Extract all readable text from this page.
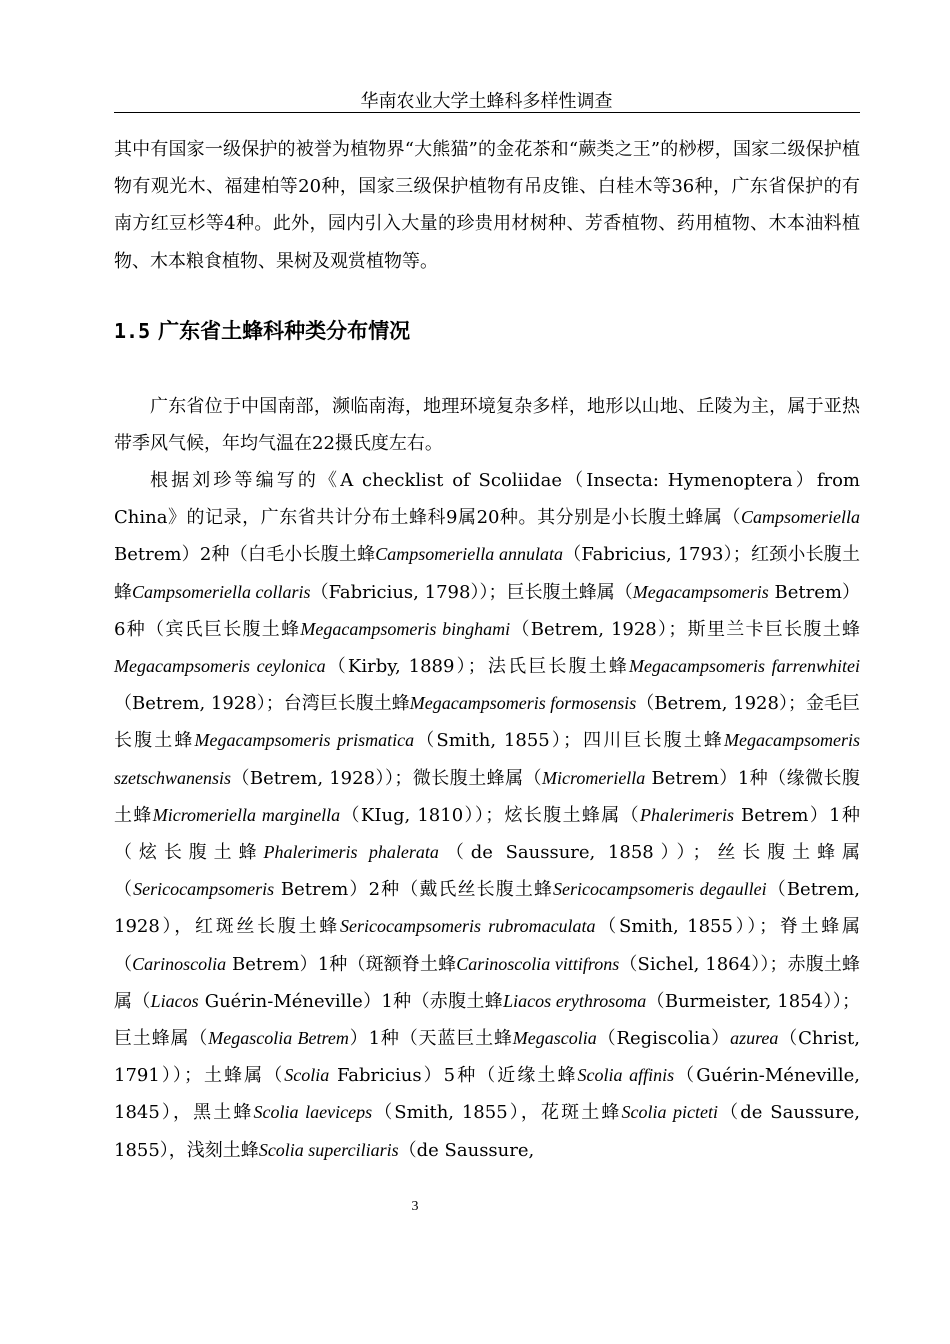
华南农业大学土蜂科多样性调查

其中有国家一级保护的被誉为植物界“大熊猫”的金花茶和“蕨类之王”的桫椤，国家二级保护植物有观光木、福建柏等20种，国家三级保护植物有吊皮锥、白桂木等36种，广东省保护的有南方红豆杉等4种。此外，园内引入大量的珍贵用材树种、芳香植物、药用植物、木本油料植物、木本粮食植物、果树及观赏植物等。

1.5 广东省土蜂科种类分布情况

广东省位于中国南部，濒临南海，地理环境复杂多样，地形以山地、丘陵为主，属于亚热带季风气候，年均气温在22摄氏度左右。

根据刘珍等编写的《A checklist of Scoliidae（Insecta: Hymenoptera）from China》的记录，广东省共计分布土蜂科9属20种。其分别是小长腹土蜂属（Campsomeriella Betrem）2种（白毛小长腹土蜂Campsomeriella annulata（Fabricius, 1793）；红颈小长腹土蜂Campsomeriella collaris（Fabricius, 1798））；巨长腹土蜂属（Megacampsomeris Betrem）6种（宾氏巨长腹土蜂Megacampsomeris binghami（Betrem, 1928）；斯里兰卡巨长腹土蜂Megacampsomeris ceylonica（Kirby, 1889）；法氏巨长腹土蜂Megacampsomeris farrenwhitei（Betrem, 1928）；台湾巨长腹土蜂Megacampsomeris formosensis（Betrem, 1928）；金毛巨长腹土蜂Megacampsomeris prismatica（Smith, 1855）；四川巨长腹土蜂Megacampsomeris szetschwanensis（Betrem, 1928））；微长腹土蜂属（Micromeriella Betrem）1种（缘微长腹土蜂Micromeriella marginella（KIug, 1810））；炫长腹土蜂属（Phalerimeris Betrem）1种（炫长腹土蜂Phalerimeris phalerata（de Saussure, 1858））；丝长腹土蜂属（Sericocampsomeris Betrem）2种（戴氏丝长腹土蜂Sericocampsomeris degaullei（Betrem, 1928），红斑丝长腹土蜂Sericocampsomeris rubromaculata（Smith, 1855））；脊土蜂属（Carinoscolia Betrem）1种（斑额脊土蜂Carinoscolia vittifrons（Sichel, 1864））；赤腹土蜂属（Liacos Guérin-Méneville）1种（赤腹土蜂Liacos erythrosoma（Burmeister, 1854））；巨土蜂属（Megascolia Betrem）1种（天蓝巨土蜂Megascolia（Regiscolia）azurea（Christ, 1791））；土蜂属（Scolia Fabricius）5种（近缘土蜂Scolia affinis（Guérin-Méneville, 1845），黑土蜂Scolia laeviceps（Smith, 1855），花斑土蜂Scolia picteti（de Saussure, 1855），浅刻土蜂Scolia superciliaris（de Saussure,

3
